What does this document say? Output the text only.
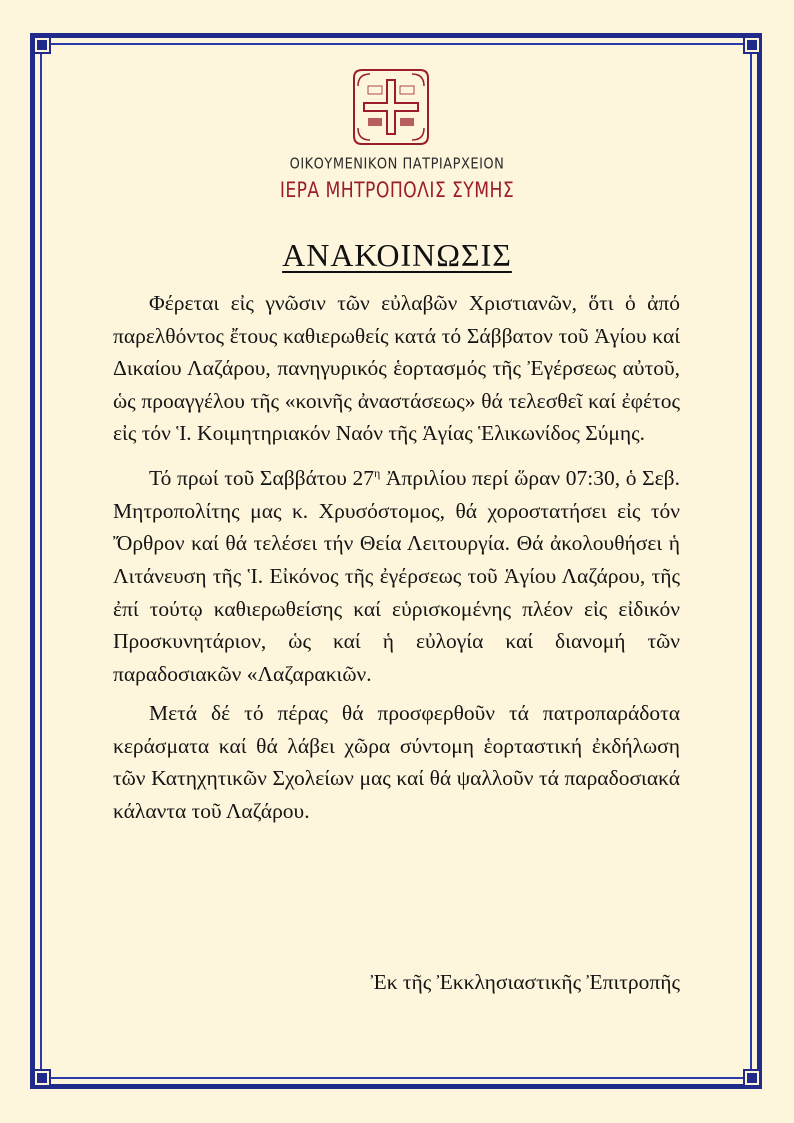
ΟΙΚΟΥΜΕΝΙΚΟΝ ΠΑΤΡΙΑΡΧΕΙΟΝ
ΙΕΡΑ ΜΗΤΡΟΠΟΛΙΣ ΣΥΜΗΣ
ΑΝΑΚΟΙΝΩΣΙΣ

Φέρεται εἰς γνῶσιν τῶν εὐλαβῶν Χριστιανῶν, ὅτι ὁ ἀπό παρελθόντος ἔτους καθιερωθείς κατά τό Σάββατον τοῦ Ἁγίου καί Δικαίου Λαζάρου, πανηγυρικός ἑορτασμός τῆς Ἐγέρσεως αὐτοῦ, ὡς προαγγέλου τῆς «κοινῆς ἀναστάσεως» θά τελεσθεῖ καί ἐφέτος εἰς τόν Ἱ. Κοιμητηριακόν Ναόν τῆς Ἁγίας Ἑλικωνίδος Σύμης.

Τό πρωί τοῦ Σαββάτου $27^\eta$ Ἀπριλίου περί ὥραν 07:30, ὁ Σεβ. Μητροπολίτης μας κ. Χρυσόστομος, θά χοροστατήσει εἰς τόν Ὄρθρον καί θά τελέσει τήν Θεία Λειτουργία. Θά ἀκολουθήσει ἡ Λιτάνευση τῆς Ἱ. Εἰκόνος τῆς ἐγέρσεως τοῦ Ἁγίου Λαζάρου, τῆς ἐπί τούτῳ καθιερωθείσης καί εὑρισκομένης πλέον εἰς εἰδικόν Προσκυνητάριον, ὡς καί ἡ εὐλογία καί διανομή τῶν παραδοσιακῶν «Λαζαρακιῶν.

Μετά δέ τό πέρας θά προσφερθοῦν τά πατροπαράδοτα κεράσματα καί θά λάβει χῶρα σύντομη ἑορταστική ἐκδήλωση τῶν Κατηχητικῶν Σχολείων μας καί θά ψαλλοῦν τά παραδοσιακά κάλαντα τοῦ Λαζάρου.

Ἐκ τῆς Ἐκκλησιαστικῆς Ἐπιτροπῆς
